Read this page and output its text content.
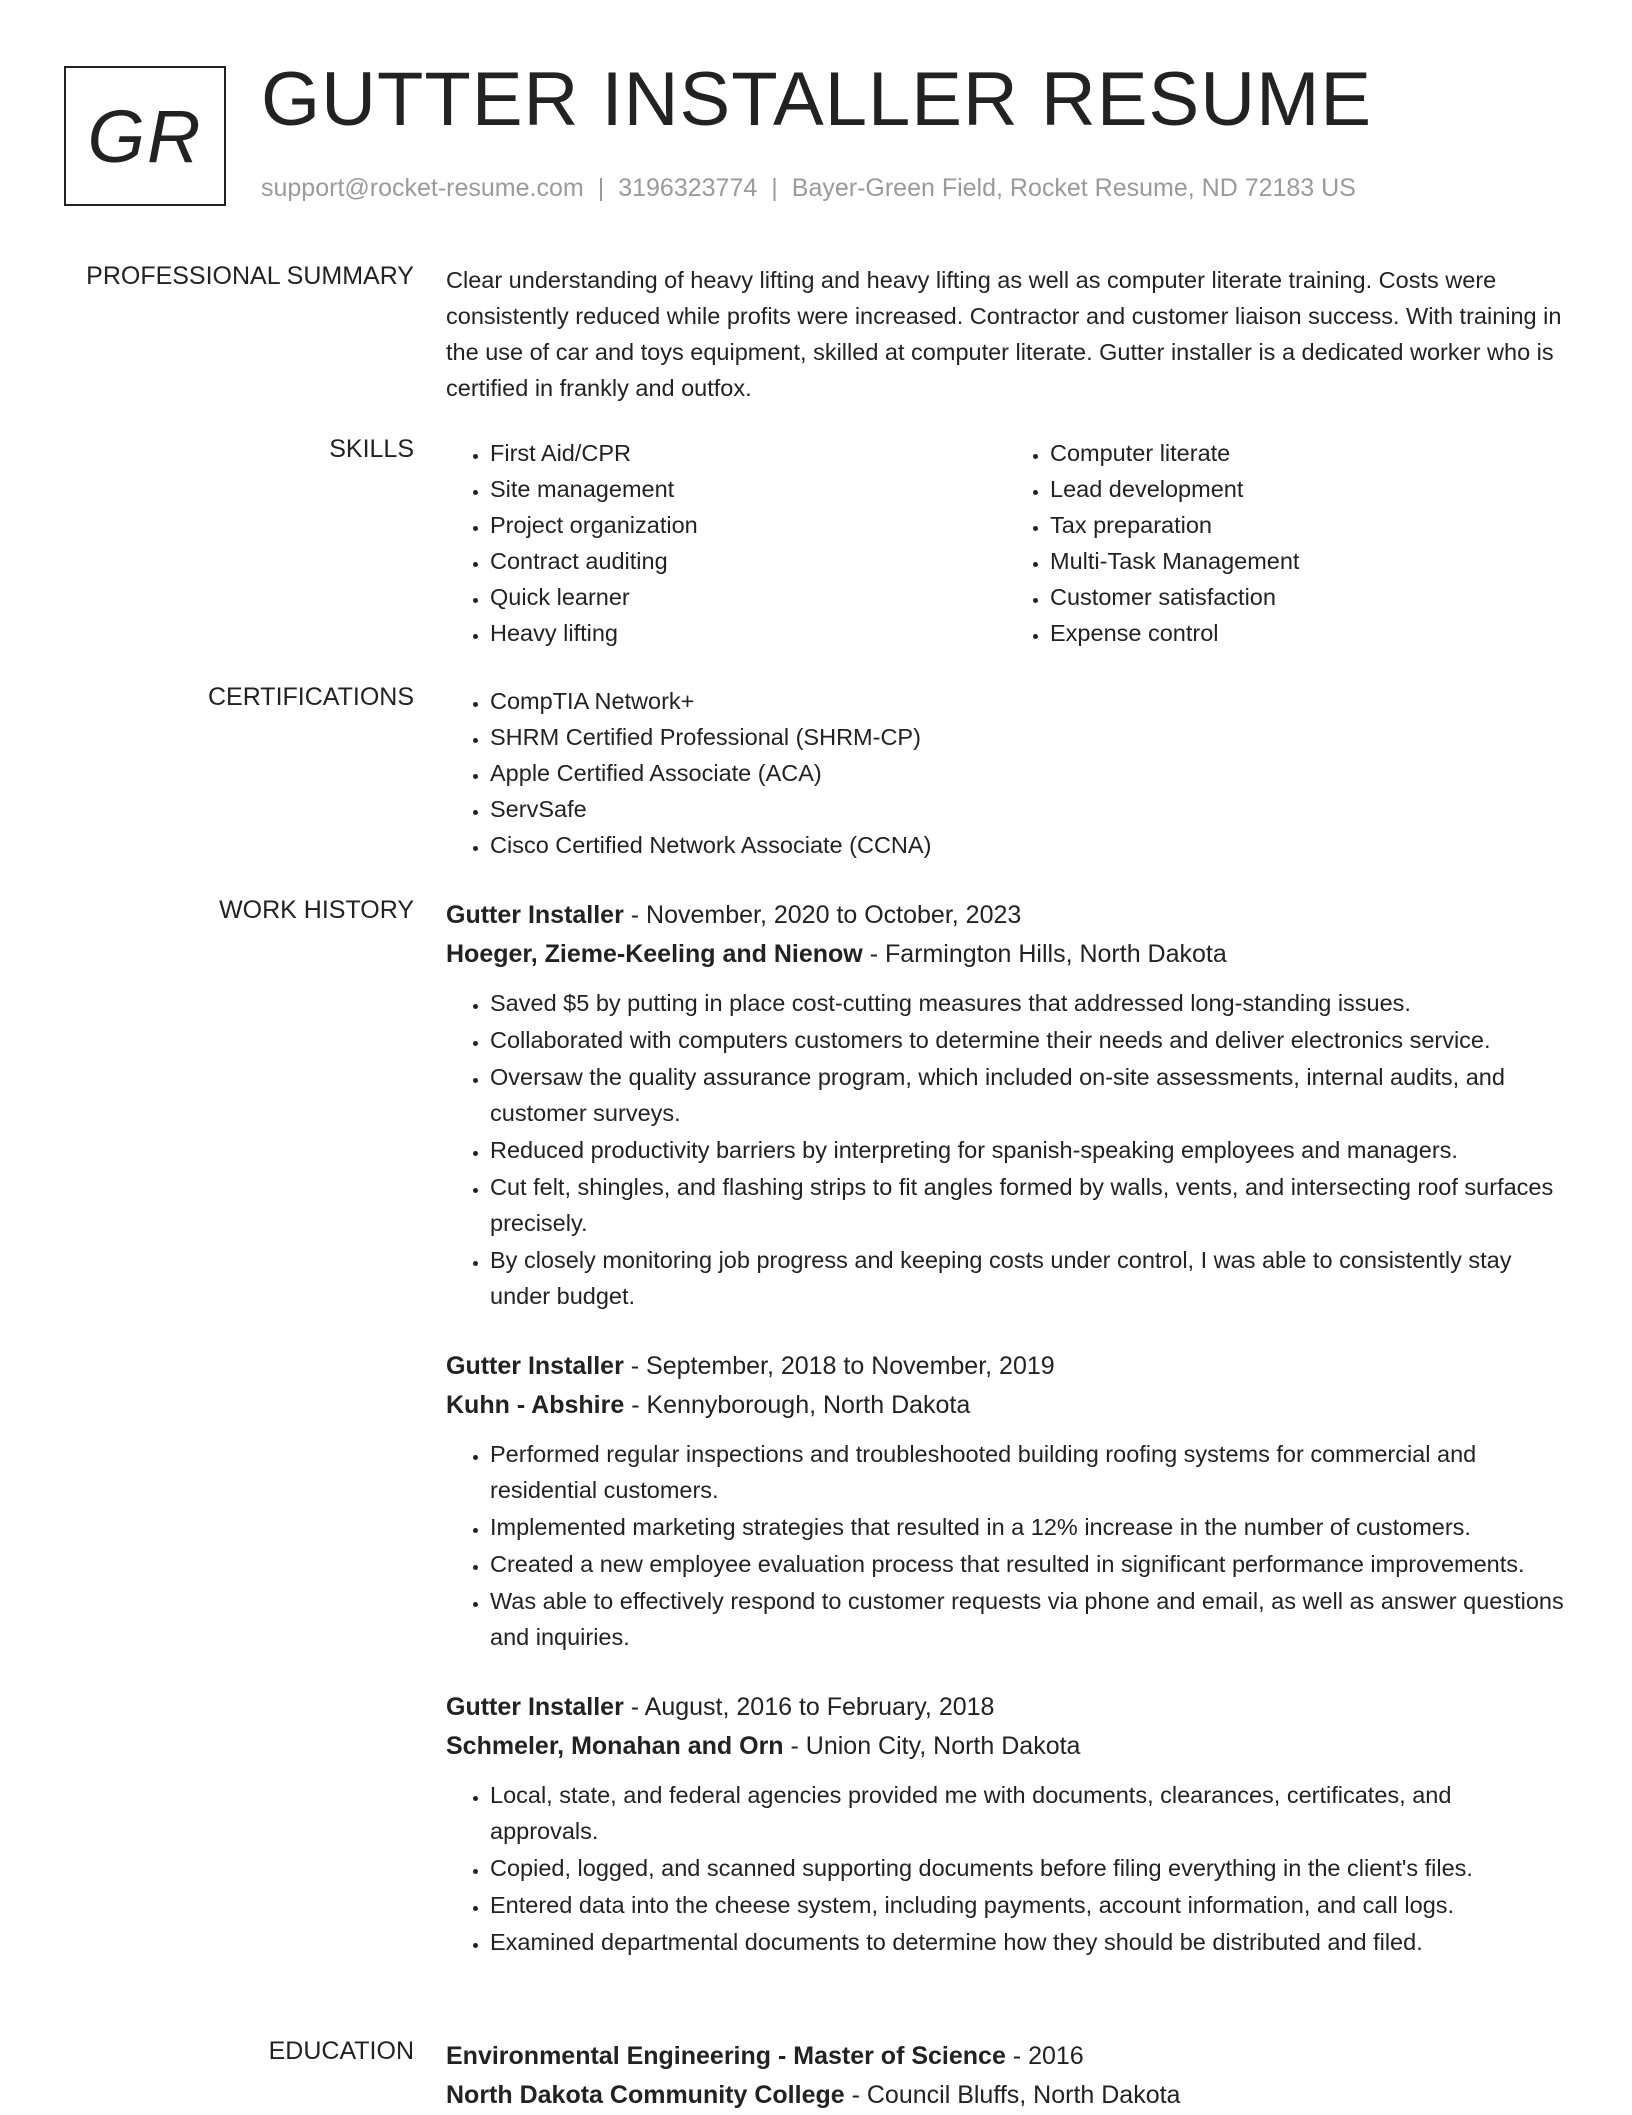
GR GUTTER INSTALLER RESUME
support@rocket-resume.com | 3196323774 | Bayer-Green Field, Rocket Resume, ND 72183 US
PROFESSIONAL SUMMARY Clear understanding of heavy lifting and heavy lifting as well as computer literate training. Costs were consistently reduced while profits were increased. Contractor and customer liaison success. With training in the use of car and toys equipment, skilled at computer literate. Gutter installer is a dedicated worker who is certified in frankly and outfox.
SKILLS	• First Aid/CPR
• Site management
• Project organization
• Contract auditing
• Quick learner
• Heavy lifting
• Computer literate
• Lead development
• Tax preparation
• Multi-Task Management
• Customer satisfaction
• Expense control
CERTIFICATIONS	• CompTIA Network+
• SHRM Certified Professional (SHRM-CP)
• Apple Certified Associate (ACA)
• ServSafe
• Cisco Certified Network Associate (CCNA)
WORK HISTORY Gutter Installer - November, 2020 to October, 2023
Hoeger, Zieme-Keeling and Nienow - Farmington Hills, North Dakota
• Saved $5 by putting in place cost-cutting measures that addressed long-standing issues.
• Collaborated with computers customers to determine their needs and deliver electronics service.
• Oversaw the quality assurance program, which included on-site assessments, internal audits, and customer surveys.
• Reduced productivity barriers by interpreting for spanish-speaking employees and managers.
• Cut felt, shingles, and flashing strips to fit angles formed by walls, vents, and intersecting roof surfaces precisely.
• By closely monitoring job progress and keeping costs under control, I was able to consistently stay under budget.
Gutter Installer - September, 2018 to November, 2019
Kuhn - Abshire - Kennyborough, North Dakota
• Performed regular inspections and troubleshooted building roofing systems for commercial and residential customers.
• Implemented marketing strategies that resulted in a 12% increase in the number of customers.
• Created a new employee evaluation process that resulted in significant performance improvements.
• Was able to effectively respond to customer requests via phone and email, as well as answer questions and inquiries.
Gutter Installer - August, 2016 to February, 2018
Schmeler, Monahan and Orn - Union City, North Dakota
• Local, state, and federal agencies provided me with documents, clearances, certificates, and approvals.
• Copied, logged, and scanned supporting documents before filing everything in the client's files.
• Entered data into the cheese system, including payments, account information, and call logs.
• Examined departmental documents to determine how they should be distributed and filed.
EDUCATION Environmental Engineering - Master of Science - 2016
North Dakota Community College - Council Bluffs, North Dakota
